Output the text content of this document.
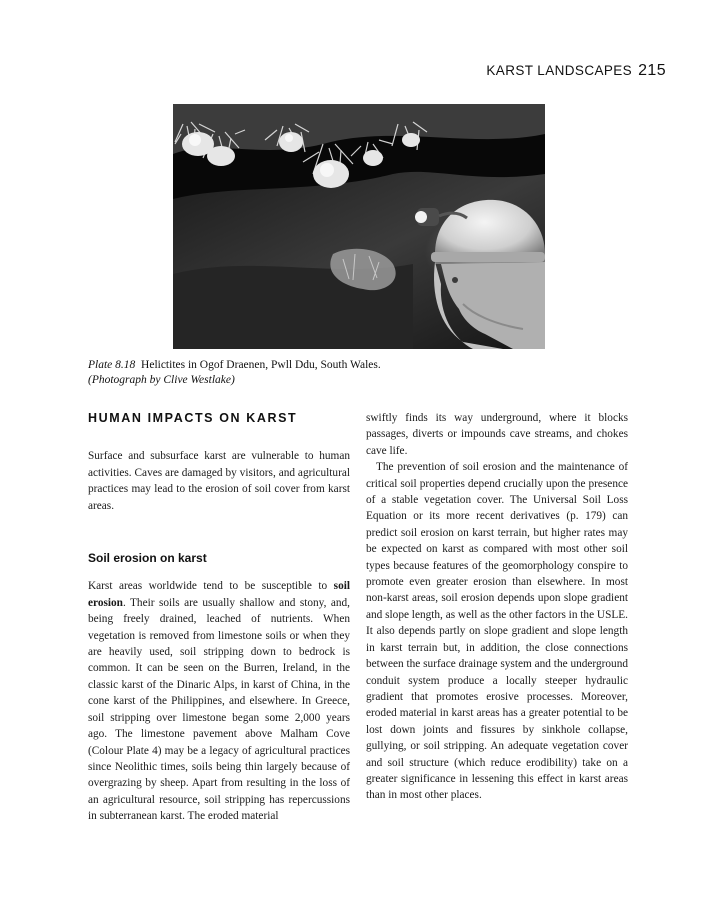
KARST LANDSCAPES 215
Plate 8.18 Helictites in Ogof Draenen, Pwll Ddu, South Wales.
(Photograph by Clive Westlake)
HUMAN IMPACTS ON KARST

Surface and subsurface karst are vulnerable to human activities. Caves are damaged by visitors, and agricultural practices may lead to the erosion of soil cover from karst areas.

Soil erosion on karst

Karst areas worldwide tend to be susceptible to soil erosion. Their soils are usually shallow and stony, and, being freely drained, leached of nutrients. When vegetation is removed from limestone soils or when they are heavily used, soil stripping down to bedrock is common. It can be seen on the Burren, Ireland, in the classic karst of the Dinaric Alps, in karst of China, in the cone karst of the Philippines, and elsewhere. In Greece, soil stripping over limestone began some 2,000 years ago. The limestone pavement above Malham Cove (Colour Plate 4) may be a legacy of agricultural practices since Neolithic times, soils being thin largely because of overgrazing by sheep. Apart from resulting in the loss of an agricultural resource, soil stripping has repercussions in subterranean karst. The eroded material

swiftly finds its way underground, where it blocks passages, diverts or impounds cave streams, and chokes cave life.

The prevention of soil erosion and the maintenance of critical soil properties depend crucially upon the presence of a stable vegetation cover. The Universal Soil Loss Equation or its more recent derivatives (p. 179) can predict soil erosion on karst terrain, but higher rates may be expected on karst as compared with most other soil types because features of the geomorphology conspire to promote even greater erosion than elsewhere. In most non-karst areas, soil erosion depends upon slope gradient and slope length, as well as the other factors in the USLE. It also depends partly on slope gradient and slope length in karst terrain but, in addition, the close connections between the surface drainage system and the underground conduit system produce a locally steeper hydraulic gradient that promotes erosive processes. Moreover, eroded material in karst areas has a greater potential to be lost down joints and fissures by sinkhole collapse, gullying, or soil stripping. An adequate vegetation cover and soil structure (which reduce erodibility) take on a greater significance in lessening this effect in karst areas than in most other places.
